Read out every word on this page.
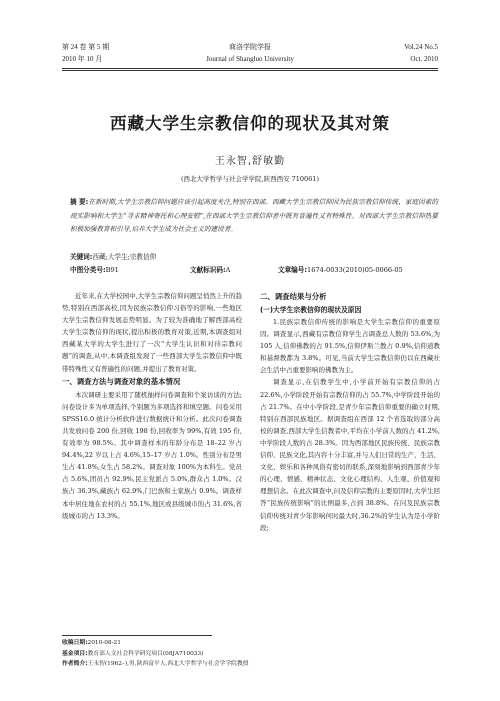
第 24 卷 第 5 期	商洛学院学报	Vol.24 No.5
2010 年 10 月	Journal of Shangluo University	Oct. 2010
西藏大学生宗教信仰的现状及其对策
王永智,舒敏勤
(西北大学哲学与社会学学院,陕西西安 710061)
摘 要:在新时期,大学生宗教信仰问题应该引起高度关注,特别在西部。西藏大学生宗教信仰因为民族宗教信仰传统、家庭因素的现实影响和大学生“寻求精神寄托和心理安慰”,在西部大学生宗教信仰者中既有普遍性又有特殊性。对西部大学生宗教信仰热要积极加强教育和引导,培养大学生成为社会主义的建设者。
关键词:西藏;大学生;宗教信仰
中图分类号:B91	文献标识码:A	文章编号:1674-0033(2010)05-0066-05

近年来,在大学校园中,大学生宗教信仰问题呈悄然上升的趋势,特别在西部高校,因为民族宗教信仰习俗等的影响,一些地区大学生宗教信仰发展态势明显。为了较为准确地了解西部高校大学生宗教信仰的现状,提出积极的教育对策,近期,本调查组对西藏某大学的大学生进行了一次“大学生认识和对待宗教问题”的调查,从中,本调查组发现了一些西部大学生宗教信仰中既带特殊性又有普遍性的问题,并提出了教育对策。

一、调查方法与调查对象的基本情况

本次调研主要采用了随机抽样问卷调查和个案访谈的方法;问卷设计多为单项选择,个别题为多项选择和填空题。问卷采用 SPSS16.0 统计分析软件进行数据统计和分析。此次问卷调查共发放问卷 200 份,回收 198 份,回收率为 99%,有效 195 份,有效率为 98.5%。其中调查样本的年龄分布是 18–22 岁占 94.4%,22 岁以上占 4.6%,15–17 岁占 1.0%。性别分布是男生占 41.8%,女生占 58.2%。调查对象 100%为本科生。党员占 5.6%,团员占 92.9%,民主党派占 5.0%,群众占 1.0%。汉族占 36.3%,藏族占 62.9%,门巴族和土家族占 0.9%。调查样本中居住地在农村的占 55.1%,地区或县级城市的占 31.6%,省级城市的占 13.3%。

二、调查结果与分析
(一)大学生宗教信仰的现状及原因

1.民族宗教信仰传统的影响是大学生宗教信仰的重要原因。调查显示,西藏有宗教信仰学生占调查总人数的 53.6%,为 105 人,信仰佛教的占 91.5%,信仰伊斯兰教占 0.9%,信仰道教和基督教都为 3.8%。可见,当前大学生宗教信仰仍以在西藏社会生活中占重要影响的佛教为主。

调查显示,在信教学生中,小学前开始有宗教信仰的占 22.6%,小学阶段开始有宗教信仰的占 55.7%,中学阶段开始的占 21.7%。在中小学阶段,是青少年宗教信仰重要的确立时期,特别在西部民族地区。据调查组在西部 12 个省选取的部分高校的调查,西部大学生信教者中,平均在小学前人数的占 41.2%,中学阶段人数的占 28.3%。因为西部地区民族传统、民族宗教信仰、民族文化,其内容十分丰富,并与人们日常的生产、生活、文化、娱乐和各种风俗有密切的联系,深刻地影响到西部青少年的心理、情感、精神状态、文化心理结构、人生观、价值观和理想信念。在此次调查中,问及信仰宗教的主要原因时,大学生回答“民族传统影响”的比例最多,占到 38.8%。在问及民族宗教信仰传统对青少年影响何时最大时,36.2%的学生认为是小学阶段;

收稿日期:2010-08-21
基金项目:教育部人文社会科学研究项目(08JA710033)
作者简介:王永智(1962–),男,陕西富平人,西北大学哲学与社会学学院教授
